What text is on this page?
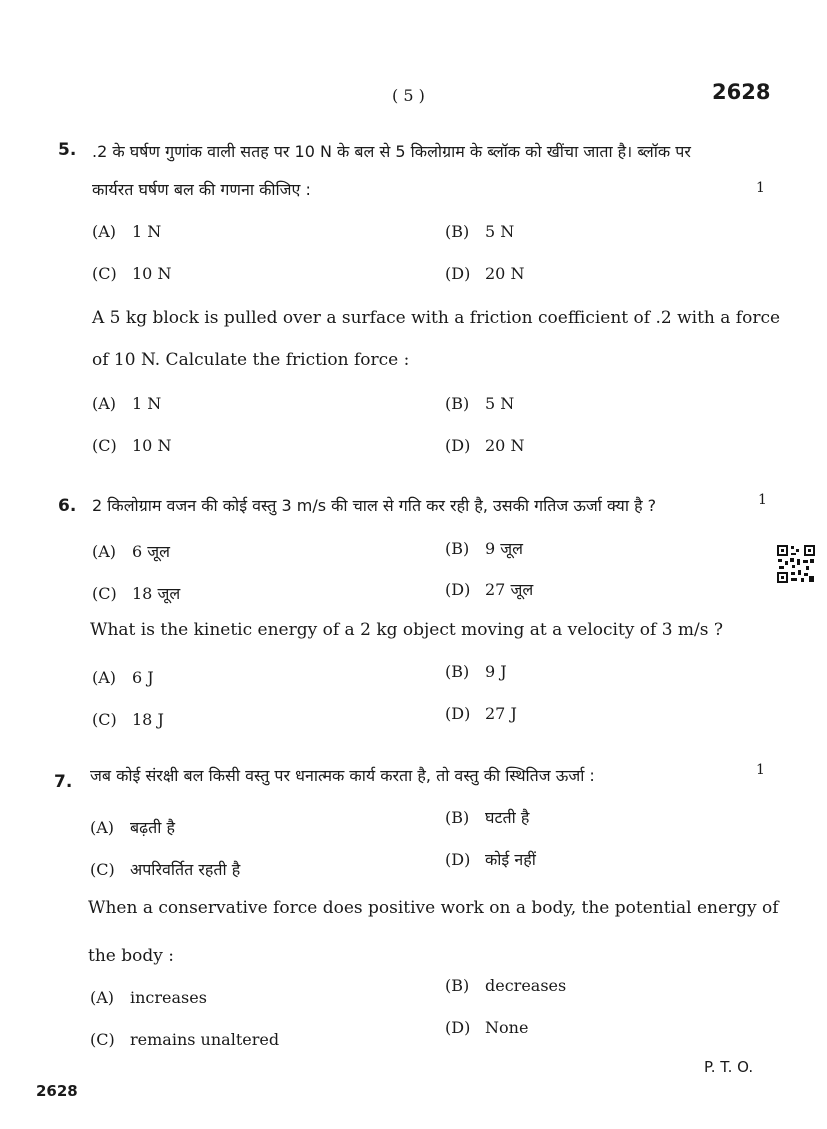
( 5 )	2628
5. .2 के घर्षण गुणांक वाली सतह पर 10 N के बल से 5 किलोग्राम के ब्लॉक को खींचा जाता है। ब्लॉक पर
कार्यरत घर्षण बल की गणना कीजिए :	1
(A) 1 N	(B) 5 N
(C) 10 N	(D) 20 N
A 5 kg block is pulled over a surface with a friction coefficient of .2 with a force
of 10 N. Calculate the friction force :
(A) 1 N	(B) 5 N
(C) 10 N	(D) 20 N
6. 2 किलोग्राम वजन की कोई वस्तु 3 m/s की चाल से गति कर रही है, उसकी गतिज ऊर्जा क्या है ?	1
(A) 6 जूल	(B) 9 जूल
(C) 18 जूल	(D) 27 जूल
What is the kinetic energy of a 2 kg object moving at a velocity of 3 m/s ?
(A) 6 J	(B) 9 J
(C) 18 J	(D) 27 J
7. जब कोई संरक्षी बल किसी वस्तु पर धनात्मक कार्य करता है, तो वस्तु की स्थितिज ऊर्जा :	1
(A) बढ़ती है
(B) घटती है
(C) अपरिवर्तित रहती है
(D) कोई नहीं
When a conservative force does positive work on a body, the potential energy of
the body :
(A) increases
(B) decreases
(C) remains unaltered
(D) None
P. T. O.
2628
